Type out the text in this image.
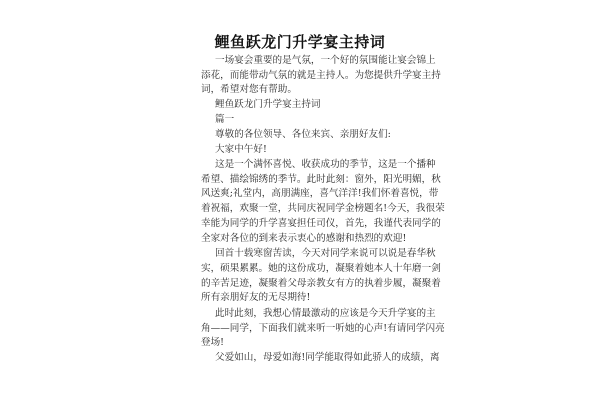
鲤鱼跃龙门升学宴主持词
一场宴会重要的是气氛，一个好的氛围能让宴会锦上
添花，而能带动气氛的就是主持人。为您提供升学宴主持
词，希望对您有帮助。
鲤鱼跃龙门升学宴主持词
篇一
尊敬的各位领导、各位来宾、亲朋好友们:
大家中午好!
这是一个满怀喜悦、收获成功的季节，这是一个播种
希望、描绘锦绣的季节。此时此刻：窗外，阳光明媚，秋
风送爽;礼堂内，高朋满座，喜气洋洋!我们怀着喜悦，带
着祝福，欢聚一堂，共同庆祝同学金榜题名!今天，我很荣
幸能为同学的升学喜宴担任司仪，首先，我谨代表同学的
全家对各位的到来表示衷心的感谢和热烈的欢迎!
回首十载寒窗苦读，今天对同学来说可以说是春华秋
实，硕果累累。她的这份成功，凝聚着她本人十年磨一剑
的辛苦足迹，凝聚着父母亲教女有方的执着步履，凝聚着
所有亲朋好友的无尽期待!
此时此刻，我想心情最激动的应该是今天升学宴的主
角——同学，下面我们就来听一听她的心声!有请同学闪亮
登场!
父爱如山，母爱如海!同学能取得如此骄人的成绩，离
